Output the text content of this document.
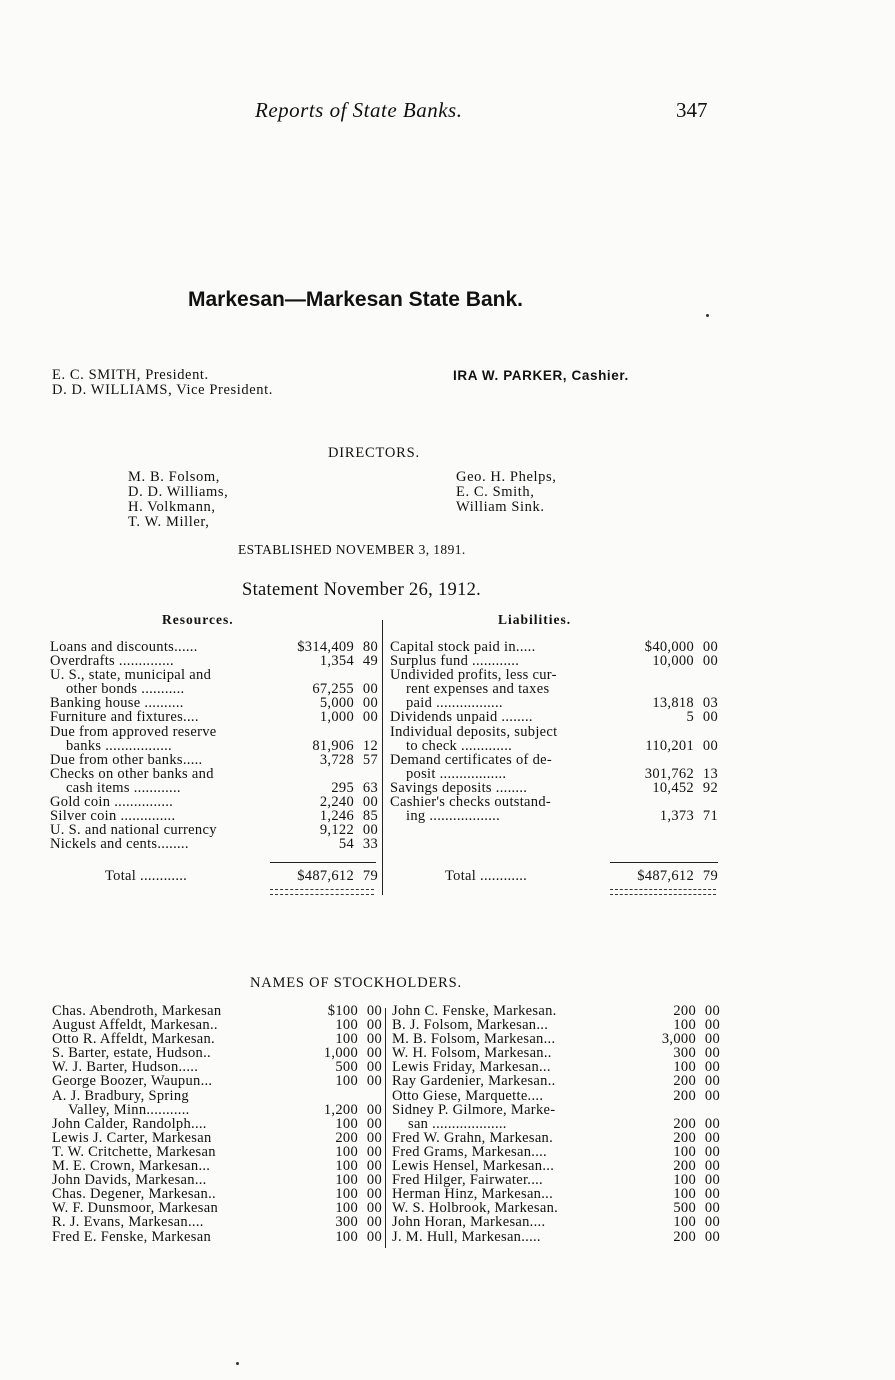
Reports of State Banks.	347
Markesan—Markesan State Bank.
E. C. SMITH, President.
D. D. WILLIAMS, Vice President.
IRA W. PARKER, Cashier.
DIRECTORS.
M. B. Folsom,
D. D. Williams,
H. Volkmann,
T. W. Miller,
Geo. H. Phelps,
E. C. Smith,
William Sink.
ESTABLISHED NOVEMBER 3, 1891.
Statement November 26, 1912.
Resources.	Liabilities.
Loans and discounts......	$314,409 80
Overdrafts ..............	1,354 49
U. S., state, municipal and
other bonds ...........	67,255 00
Banking house ..........	5,000 00
Furniture and fixtures....	1,000 00
Due from approved reserve
banks .................	81,906 12
Due from other banks.....	3,728 57
Checks on other banks and
cash items ............	295 63
Gold coin ...............	2,240 00
Silver coin ..............	1,246 85
U. S. and national currency	9,122 00
Nickels and cents........	54 33
Total ............	$487,612 79
Capital stock paid in.....	$40,000 00
Surplus fund ............	10,000 00
Undivided profits, less cur-
rent expenses and taxes
paid .................	13,818 03
Dividends unpaid ........	5 00
Individual deposits, subject
to check .............	110,201 00
Demand certificates of de-
posit .................	301,762 13
Savings deposits ........	10,452 92
Cashier's checks outstand-
ing ..................	1,373 71
Total ............	$487,612 79
NAMES OF STOCKHOLDERS.
Chas. Abendroth, Markesan	$100 00
August Affeldt, Markesan..	100 00
Otto R. Affeldt, Markesan.	100 00
S. Barter, estate, Hudson..	1,000 00
W. J. Barter, Hudson.....	500 00
George Boozer, Waupun...	100 00
A. J. Bradbury, Spring
Valley, Minn...........	1,200 00
John Calder, Randolph....	100 00
Lewis J. Carter, Markesan	200 00
T. W. Critchette, Markesan	100 00
M. E. Crown, Markesan...	100 00
John Davids, Markesan...	100 00
Chas. Degener, Markesan..	100 00
W. F. Dunsmoor, Markesan	100 00
R. J. Evans, Markesan....	300 00
Fred E. Fenske, Markesan	100 00
John C. Fenske, Markesan.	200 00
B. J. Folsom, Markesan...	100 00
M. B. Folsom, Markesan...	3,000 00
W. H. Folsom, Markesan..	300 00
Lewis Friday, Markesan...	100 00
Ray Gardenier, Markesan..	200 00
Otto Giese, Marquette....	200 00
Sidney P. Gilmore, Marke-
san ...................	200 00
Fred W. Grahn, Markesan.	200 00
Fred Grams, Markesan....	100 00
Lewis Hensel, Markesan...	200 00
Fred Hilger, Fairwater....	100 00
Herman Hinz, Markesan...	100 00
W. S. Holbrook, Markesan.	500 00
John Horan, Markesan....	100 00
J. M. Hull, Markesan.....	200 00
